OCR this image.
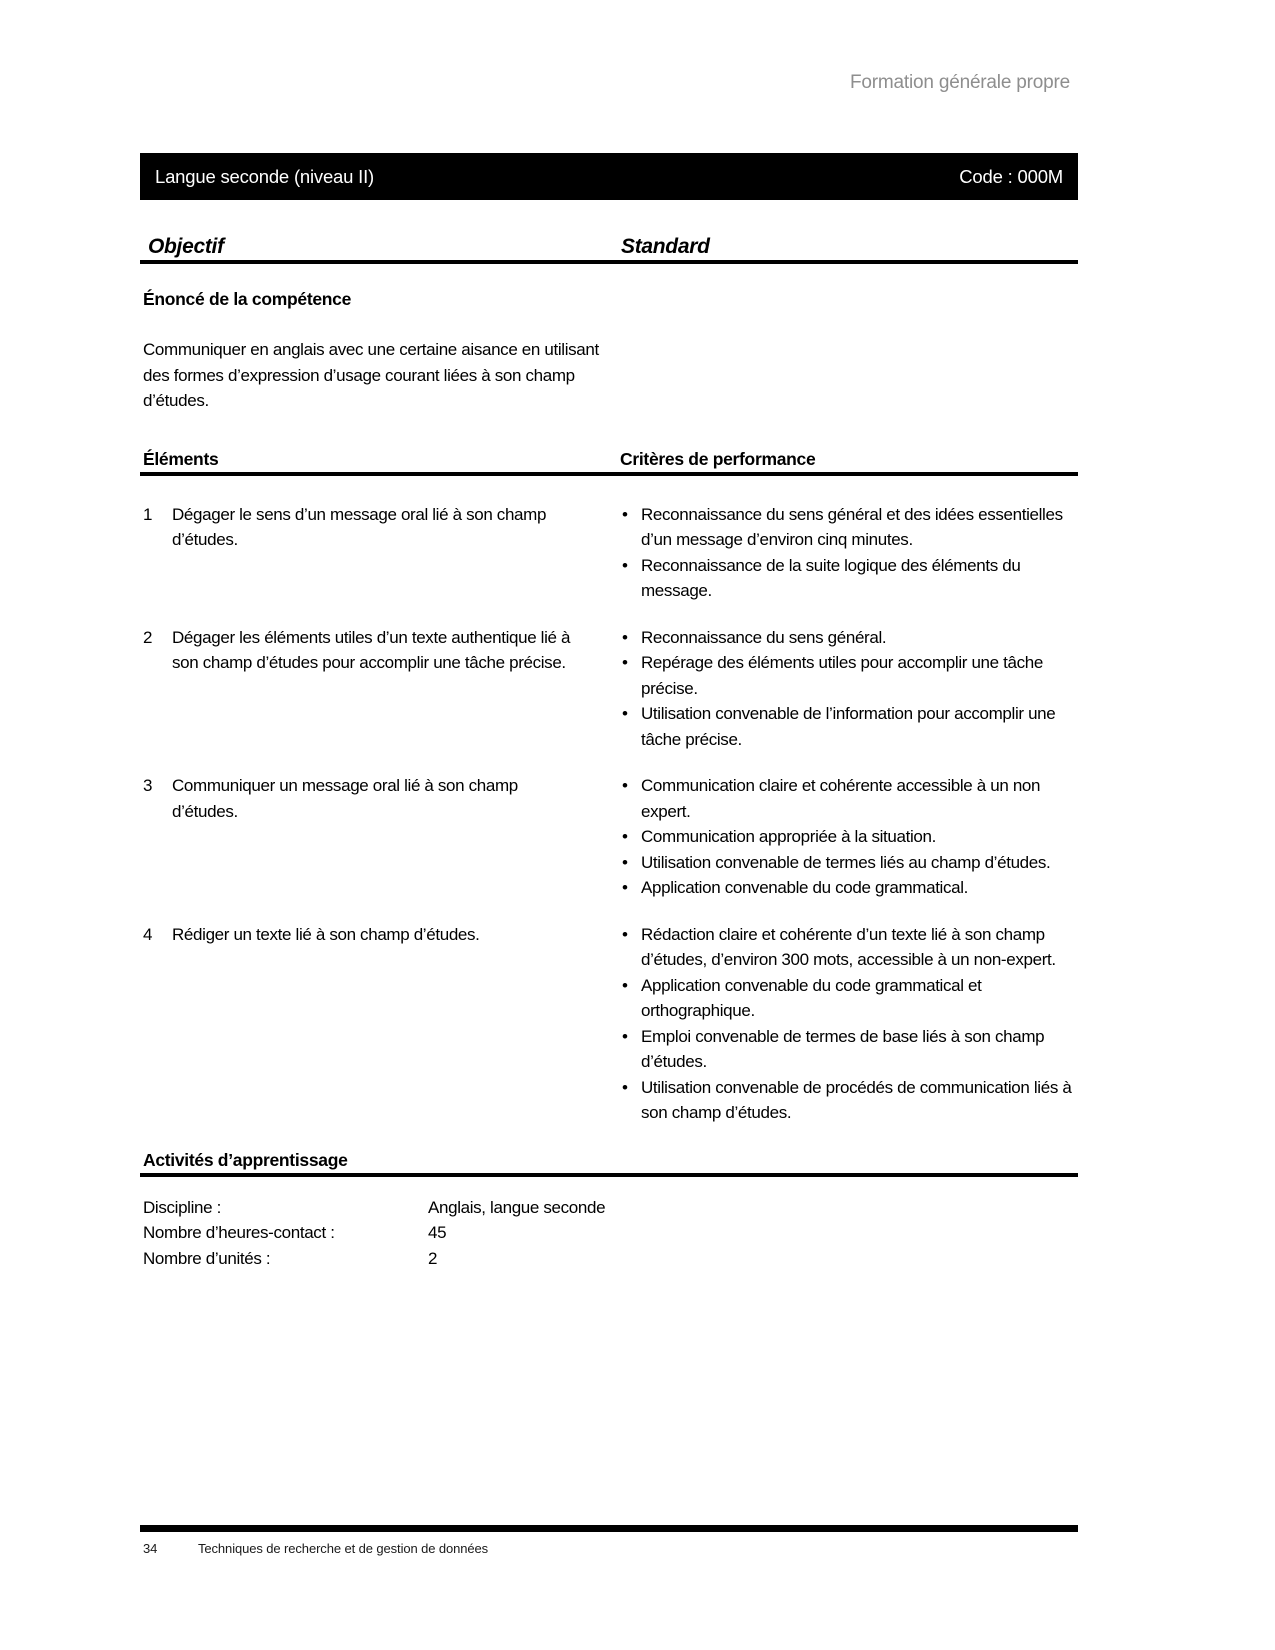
Formation générale propre
Langue seconde (niveau II)	Code : 000M
Objectif	Standard
Énoncé de la compétence

Communiquer en anglais avec une certaine aisance en utilisant des formes d’expression d’usage courant liées à son champ d’études.

Éléments	Critères de performance
1	Dégager le sens d’un message oral lié à son champ d’études.
• Reconnaissance du sens général et des idées essentielles d’un message d’environ cinq minutes.
• Reconnaissance de la suite logique des éléments du message.
2	Dégager les éléments utiles d’un texte authentique lié à son champ d’études pour accomplir une tâche précise.
• Reconnaissance du sens général.
• Repérage des éléments utiles pour accomplir une tâche précise.
• Utilisation convenable de l’information pour accomplir une tâche précise.
3	Communiquer un message oral lié à son champ d’études.
• Communication claire et cohérente accessible à un non expert.
• Communication appropriée à la situation.
• Utilisation convenable de termes liés au champ d’études.
• Application convenable du code grammatical.
4	Rédiger un texte lié à son champ d’études.	• Rédaction claire et cohérente d’un texte lié à son champ d’études, d’environ 300 mots, accessible à un non-expert.
• Application convenable du code grammatical et orthographique.
• Emploi convenable de termes de base liés à son champ d’études.
• Utilisation convenable de procédés de communication liés à son champ d’études.
Activités d’apprentissage
Discipline :	Anglais, langue seconde
Nombre d’heures-contact :	45
Nombre d’unités :	2
34	Techniques de recherche et de gestion de données
